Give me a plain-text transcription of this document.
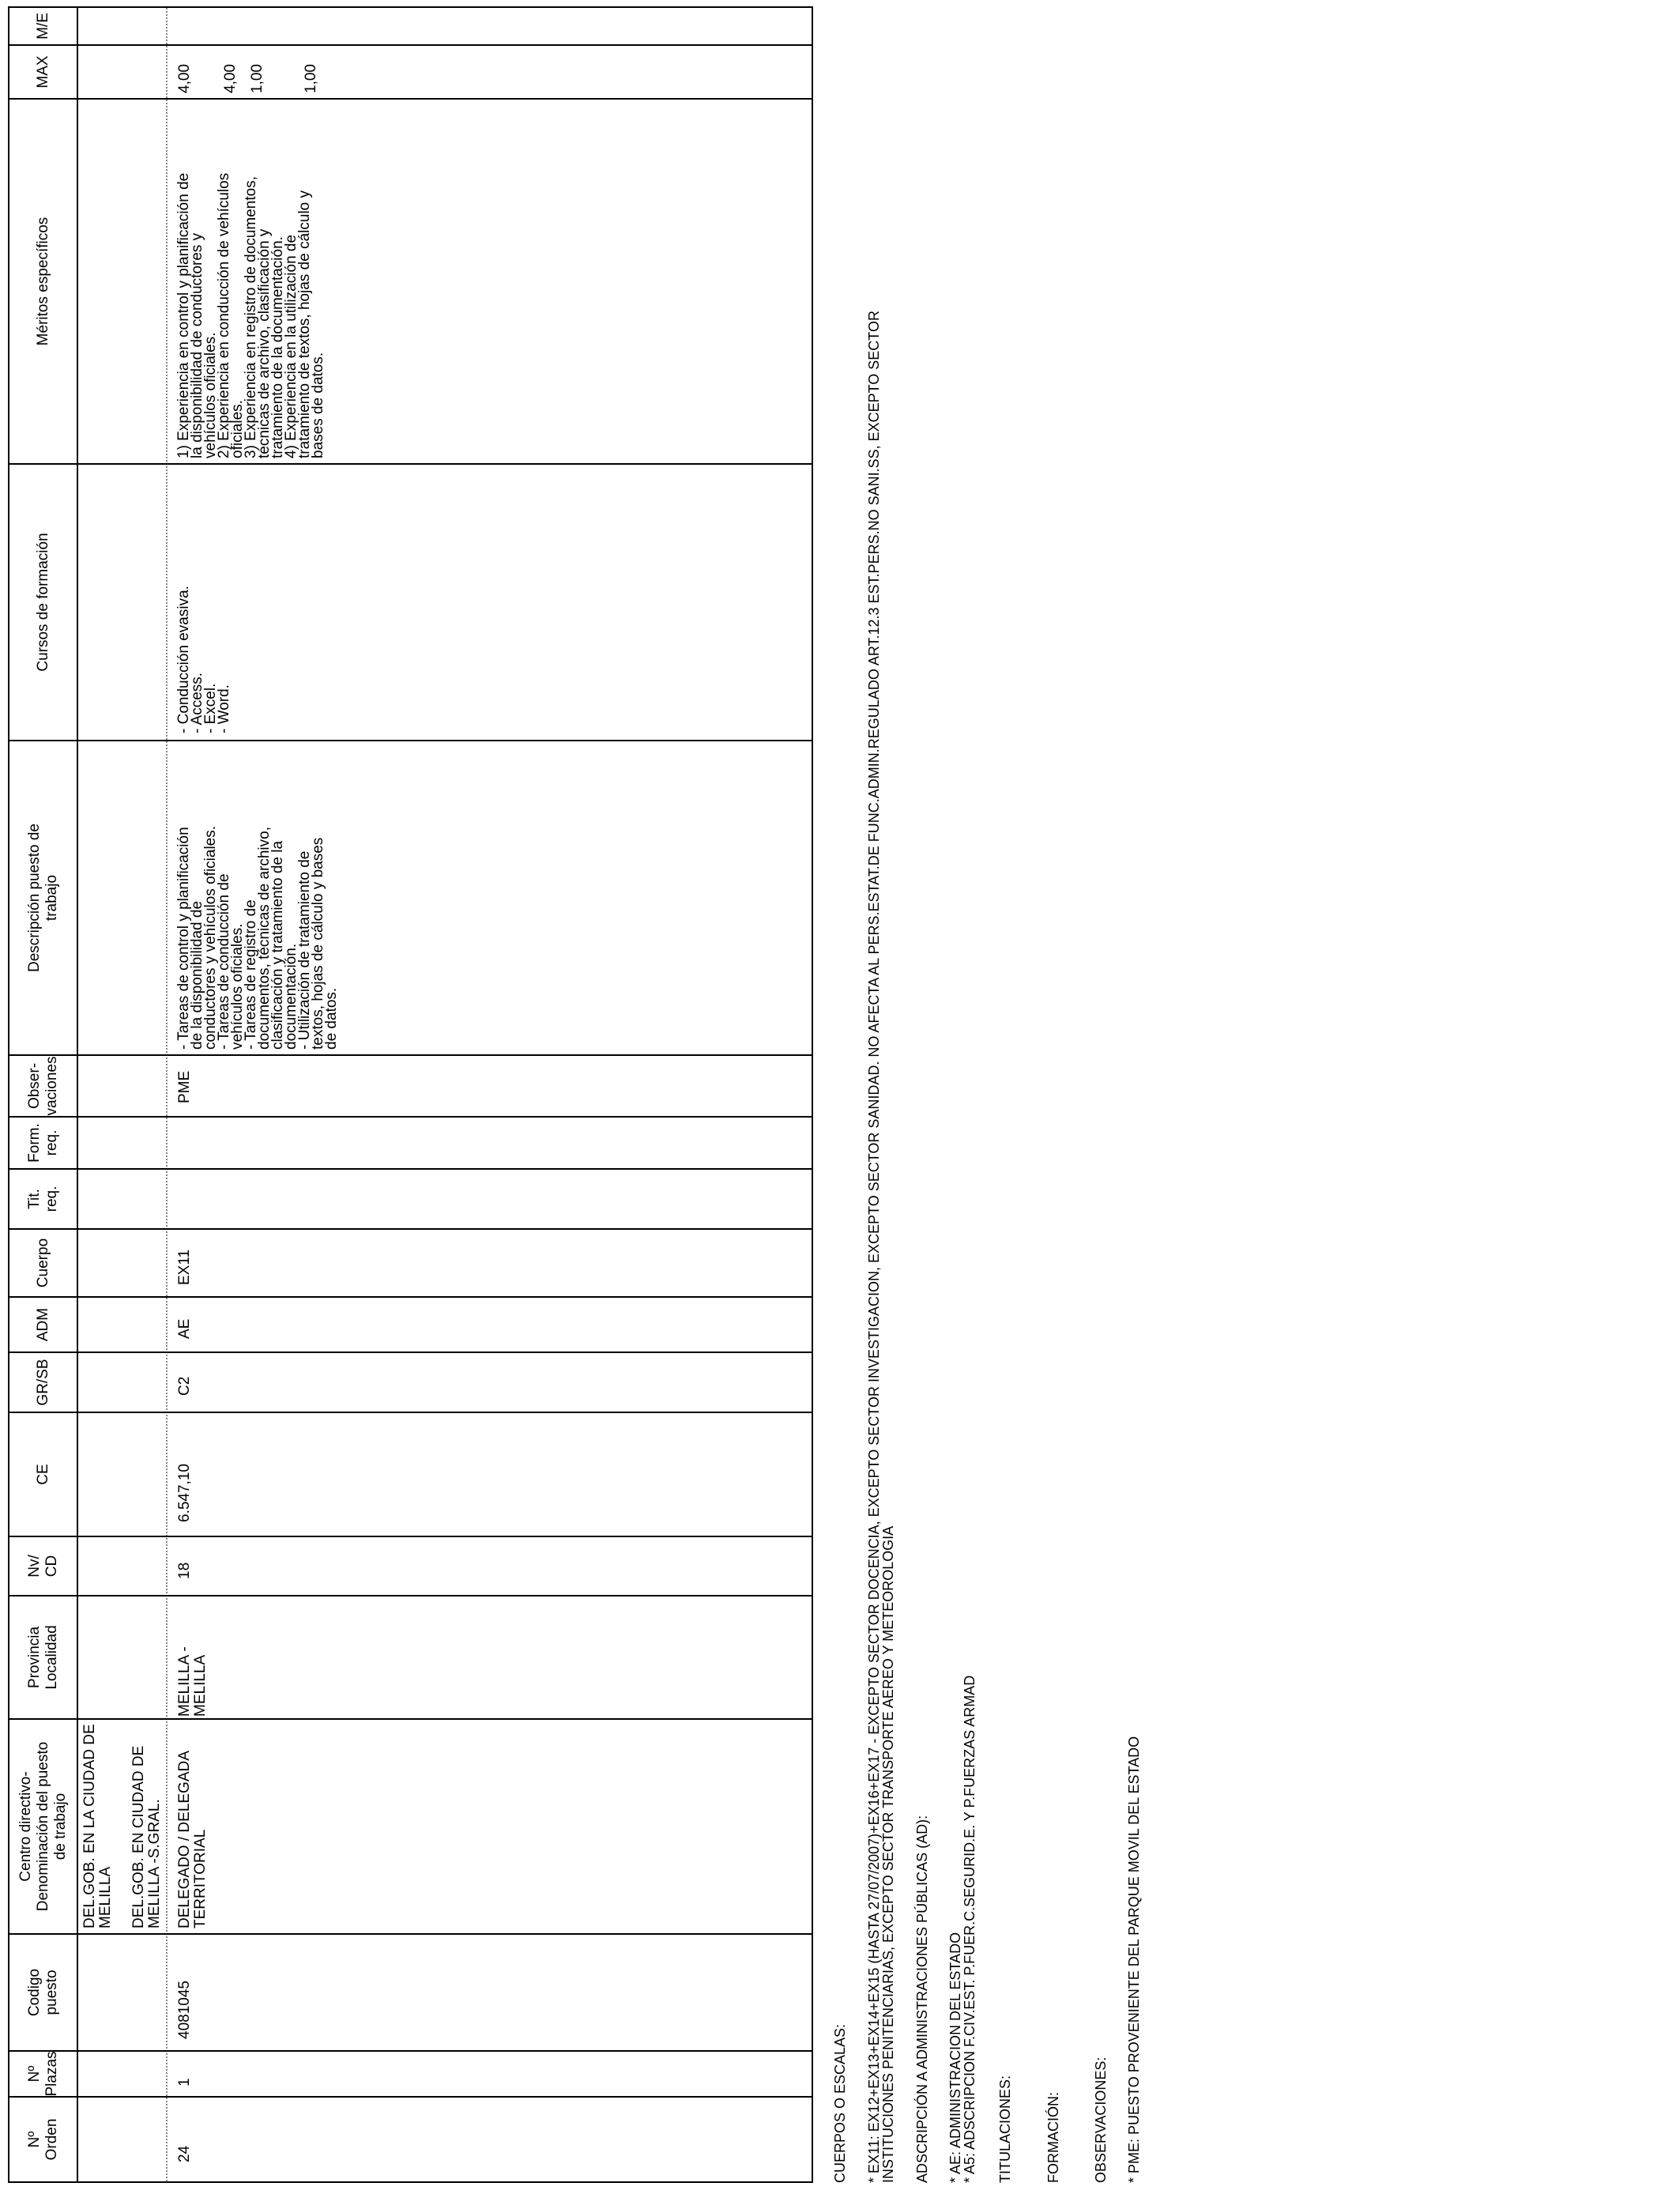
Nº Orden
Nº Plazas
Codigo puesto
Centro directivo- Denominación del puesto de trabajo
Provincia Localidad
Nv/ CD
CE
GR/SB
ADM
Cuerpo
Tit. req.
Form. req.
Obser- vaciones
Descripción puesto de trabajo
Cursos de formación
Méritos específicos
MAX
M/E
DEL.GOB. EN LA CIUDAD DE MELILLA DEL.GOB. EN CIUDAD DE MELILLA -S.GRAL.
24
1
4081045
DELEGADO / DELEGADA TERRITORIAL
MELILLA - MELILLA
18
6.547,10
C2
AE
EX11
PME
- Tareas de control y planificación
de la disponibilidad de
conductores y vehículos oficiales.
- Tareas de conducción de
vehículos oficiales.
- Tareas de registro de
documentos, técnicas de archivo,
clasificación y tratamiento de la
documentación.
- Utilización de tratamiento de
textos, hojas de cálculo y bases
de datos.
- Conducción evasiva.
- Access.
- Excel.
- Word.
1) Experiencia en control y planificación de
la disponibilidad de conductores y
vehículos oficiales.
2) Experiencia en conducción de vehículos
oficiales.
3) Experiencia en registro de documentos,
técnicas de archivo, clasificación y
tratamiento de la documentación.
4) Experiencia en la utilización de
tratamiento de textos, hojas de cálculo y
bases de datos.
4,00 4,00 1,00 1,00
CUERPOS O ESCALAS: * EX11: EX12+EX13+EX14+EX15 (HASTA 27/07/2007)+EX16+EX17 - EXCEPTO SECTOR DOCENCIA, EXCEPTO SECTOR INVESTIGACION, EXCEPTO SECTOR SANIDAD. NO AFECTA AL PERS.ESTAT.DE FUNC.ADMIN.REGULADO ART.12.3 EST.PERS.NO SANI.SS, EXCEPTO SECTOR
INSTITUCIONES PENITENCIARIAS, EXCEPTO SECTOR TRANSPORTE AEREO Y METEOROLOGIA ADSCRIPCIÓN A ADMINISTRACIONES PÚBLICAS (AD): * AE: ADMINISTRACION DEL ESTADO
* A5: ADSCRIPCION F.CIV.EST. P.FUER.C.SEGURID.E. Y P.FUERZAS ARMAD TITULACIONES: FORMACIÓN: OBSERVACIONES: * PME: PUESTO PROVENIENTE DEL PARQUE MOVIL DEL ESTADO
